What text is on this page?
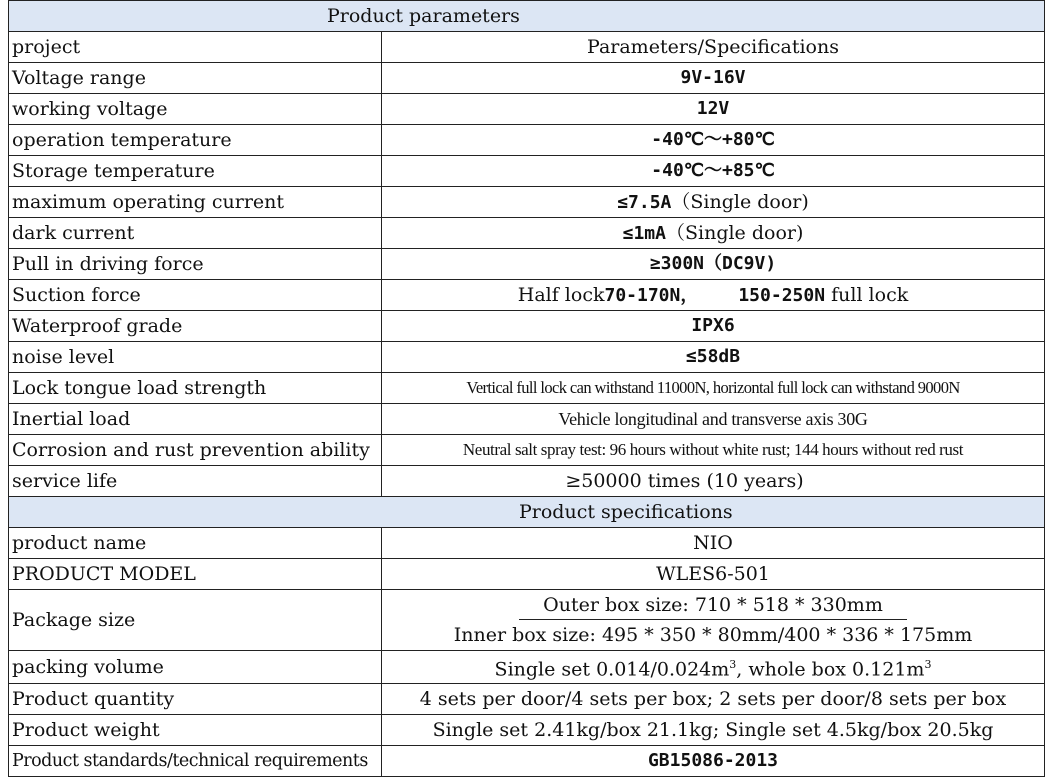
Product parameters	
project	Parameters/Specifications
Voltage range	9V-16V
working voltage	12V
operation temperature	-40℃～+80℃
Storage temperature	-40℃～+85℃
maximum operating current	≤7.5A（Single door)
dark current	≤1mA（Single door)
Pull in driving force	≥300N（DC9V)
Suction force	Half lock70-170N， 150-250N full lock
Waterproof grade	IPX6
noise level	≤58dB
Lock tongue load strength	Vertical full lock can withstand 11000N, horizontal full lock can withstand 9000N
Inertial load	Vehicle longitudinal and transverse axis 30G
Corrosion and rust prevention ability	Neutral salt spray test: 96 hours without white rust; 144 hours without red rust
service life	≥50000 times (10 years)
Product specifications	
product name	NIO
PRODUCT MODEL	WLES6-501
Package size	Outer box size: 710 * 518 * 330mm
	Inner box size: 495 * 350 * 80mm/400 * 336 * 175mm
packing volume	Single set $0.014/0.024m^3$, whole box $0.121m^3$
Product quantity	4 sets per door/4 sets per box; 2 sets per door/8 sets per box
Product weight	Single set 2.41kg/box 21.1kg; Single set 4.5kg/box 20.5kg
Product standards/technical requirements	GB15086-2013
